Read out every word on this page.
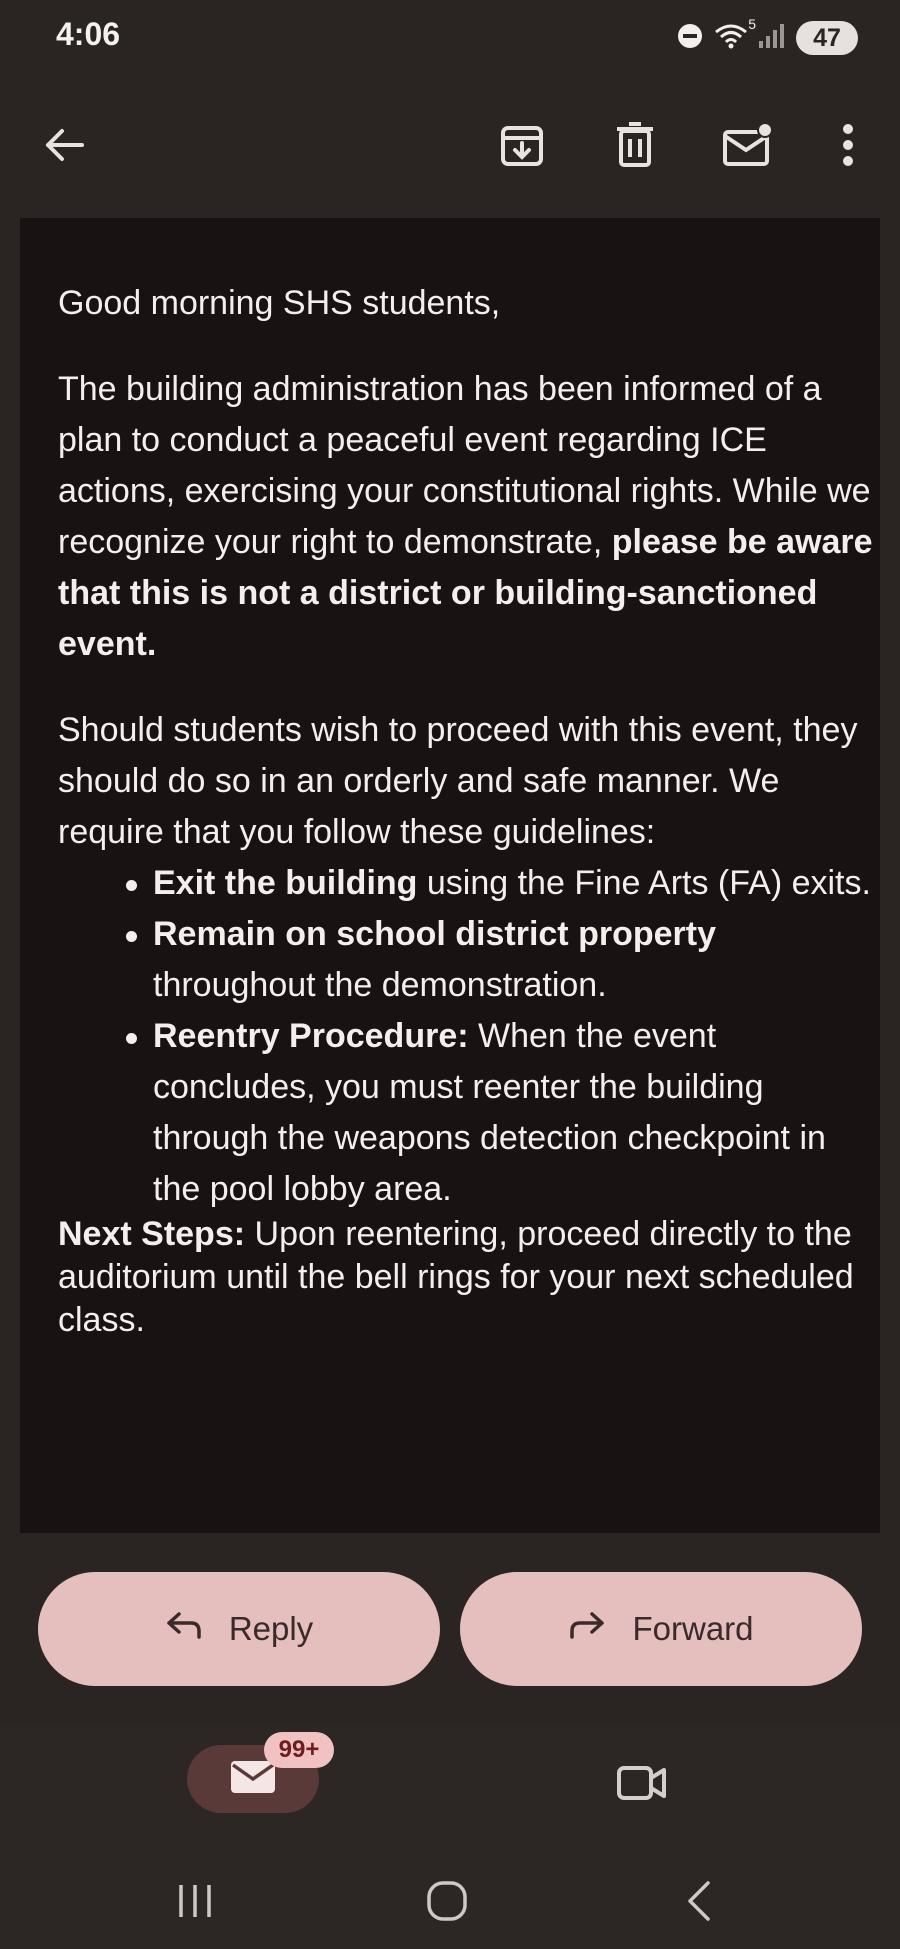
4:06	5
47

Good morning SHS students,

The building administration has been informed of a plan to conduct a peaceful event regarding ICE actions, exercising your constitutional rights. While we recognize your right to demonstrate, please be aware that this is not a district or building-sanctioned event.

Should students wish to proceed with this event, they should do so in an orderly and safe manner. We require that you follow these guidelines:

Exit the building using the Fine Arts (FA) exits.
Remain on school district property throughout the demonstration.
Reentry Procedure: When the event concludes, you must reenter the building through the weapons detection checkpoint in the pool lobby area.

Next Steps: Upon reentering, proceed directly to the auditorium until the bell rings for your next scheduled class.

Reply	Forward
99+
